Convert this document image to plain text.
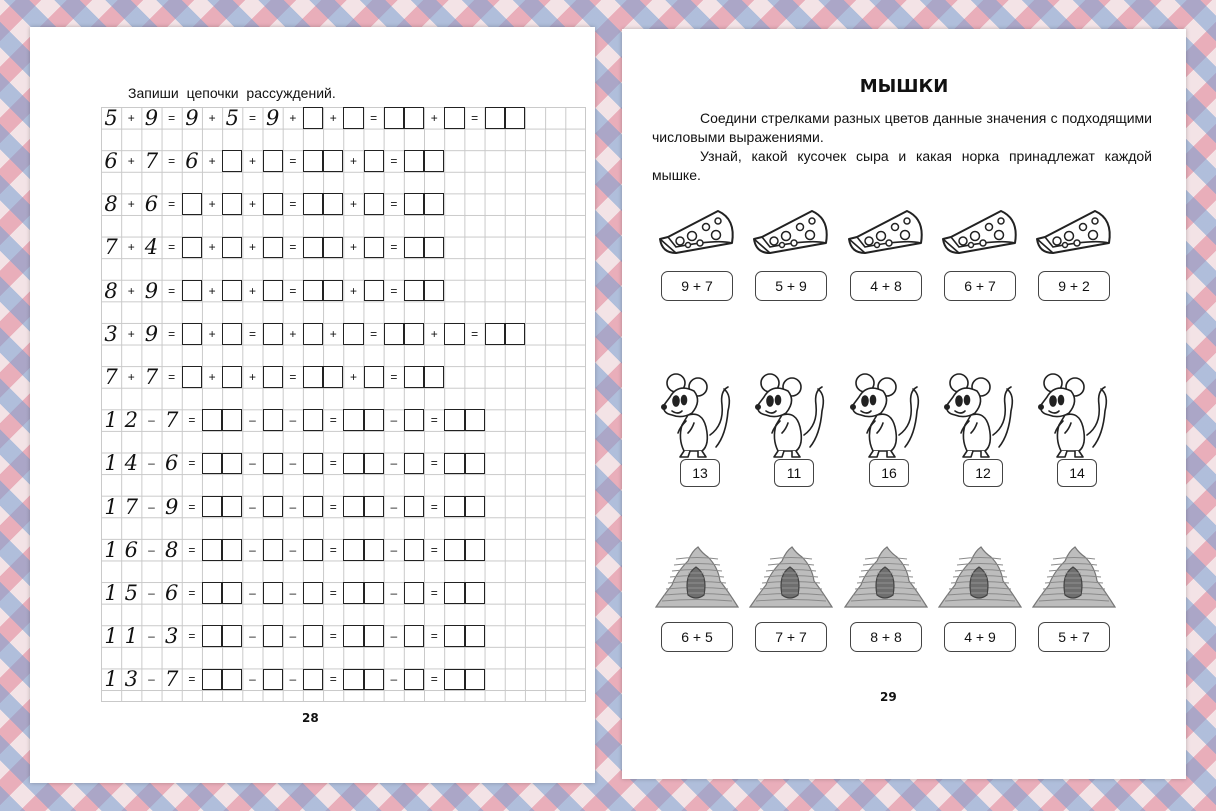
Запиши цепочки рассуждений.
5 + 9 = 9 + 5 = 9 +	+	=	+	=
6 + 7 = 6 +	+	=	+	=
8 + 6 =	+	+	=	+	=
7 + 4 =	+	+	=	+	=
8 + 9 =	+	+	=	+	=
3 + 9 =	+	=	+	+	=	+	=
7 + 7 =	+	+	=	+	=
1 2 – 7 =	–	–	=	–	=
1 4 – 6 =	–	–	=	–	=
1 7 – 9 =	–	–	=	–	=
1 6 – 8 =	–	–	=	–	=
1 5 – 6 =	–	–	=	–	=
1 1 – 3 =	–	–	=	–	=
1 3 – 7 =	–	–	=	–	=
28
МЫШКИ
Соедини стрелками разных цветов данные значения с подходящими числовыми выражениями.
Узнай, какой кусочек сыра и какая норка принадлежат каждой мышке.
9 + 7	5 + 9	4 + 8	6 + 7	9 + 2
13	11	16	12	14
6 + 5	7 + 7	8 + 8	4 + 9	5 + 7
29
